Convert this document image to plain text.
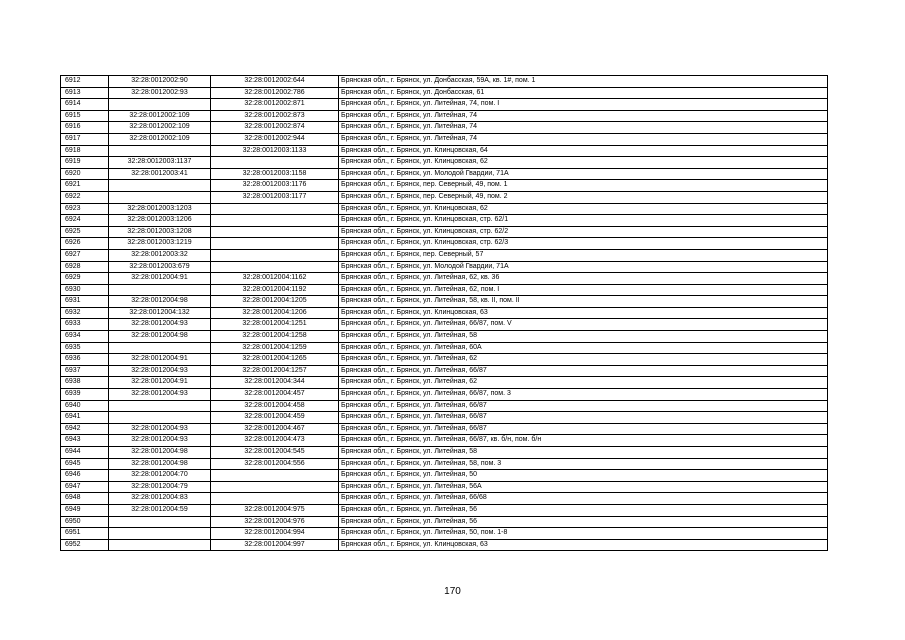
6912	32:28:0012002:90	32:28:0012002:644	Брянская обл., г. Брянск, ул. Донбасская, 59А, кв. 1#, пом. 1
6913	32:28:0012002:93	32:28:0012002:786	Брянская обл., г. Брянск, ул. Донбасская, 61
6914		32:28:0012002:871	Брянская обл., г. Брянск, ул. Литейная, 74, пом. I
6915	32:28:0012002:109	32:28:0012002:873	Брянская обл., г. Брянск, ул. Литейная, 74
6916	32:28:0012002:109	32:28:0012002:874	Брянская обл., г. Брянск, ул. Литейная, 74
6917	32:28:0012002:109	32:28:0012002:944	Брянская обл., г. Брянск, ул. Литейная, 74
6918		32:28:0012003:1133	Брянская обл., г. Брянск, ул. Клинцовская, 64
6919	32:28:0012003:1137		Брянская обл., г. Брянск, ул. Клинцовская, 62
6920	32:28:0012003:41	32:28:0012003:1158	Брянская обл., г. Брянск, ул. Молодой Гвардии, 71А
6921		32:28:0012003:1176	Брянская обл., г. Брянск, пер. Северный, 49, пом. 1
6922		32:28:0012003:1177	Брянская обл., г. Брянск, пер. Северный, 49, пом. 2
6923	32:28:0012003:1203		Брянская обл., г. Брянск, ул. Клинцовская, 62
6924	32:28:0012003:1206		Брянская обл., г. Брянск, ул. Клинцовская, стр. 62/1
6925	32:28:0012003:1208		Брянская обл., г. Брянск, ул. Клинцовская, стр. 62/2
6926	32:28:0012003:1219		Брянская обл., г. Брянск, ул. Клинцовская, стр. 62/3
6927	32:28:0012003:32		Брянская обл., г. Брянск, пер. Северный, 57
6928	32:28:0012003:679		Брянская обл., г. Брянск, ул. Молодой Гвардии, 71А
6929	32:28:0012004:91	32:28:0012004:1162	Брянская обл., г. Брянск, ул. Литейная, 62, кв. 36
6930		32:28:0012004:1192	Брянская обл., г. Брянск, ул. Литейная, 62, пом. I
6931	32:28:0012004:98	32:28:0012004:1205	Брянская обл., г. Брянск, ул. Литейная, 58, кв. II, пом. II
6932	32:28:0012004:132	32:28:0012004:1206	Брянская обл., г. Брянск, ул. Клинцовская, 63
6933	32:28:0012004:93	32:28:0012004:1251	Брянская обл., г. Брянск, ул. Литейная, 66/87, пом. V
6934	32:28:0012004:98	32:28:0012004:1258	Брянская обл., г. Брянск, ул. Литейная, 58
6935		32:28:0012004:1259	Брянская обл., г. Брянск, ул. Литейная, 60А
6936	32:28:0012004:91	32:28:0012004:1265	Брянская обл., г. Брянск, ул. Литейная, 62
6937	32:28:0012004:93	32:28:0012004:1257	Брянская обл., г. Брянск, ул. Литейная, 66/87
6938	32:28:0012004:91	32:28:0012004:344	Брянская обл., г. Брянск, ул. Литейная, 62
6939	32:28:0012004:93	32:28:0012004:457	Брянская обл., г. Брянск, ул. Литейная, 66/87, пом. 3
6940		32:28:0012004:458	Брянская обл., г. Брянск, ул. Литейная, 66/87
6941		32:28:0012004:459	Брянская обл., г. Брянск, ул. Литейная, 66/87
6942	32:28:0012004:93	32:28:0012004:467	Брянская обл., г. Брянск, ул. Литейная, 66/87
6943	32:28:0012004:93	32:28:0012004:473	Брянская обл., г. Брянск, ул. Литейная, 66/87, кв. б/н, пом. б/н
6944	32:28:0012004:98	32:28:0012004:545	Брянская обл., г. Брянск, ул. Литейная, 58
6945	32:28:0012004:98	32:28:0012004:556	Брянская обл., г. Брянск, ул. Литейная, 58, пом. 3
6946	32:28:0012004:70		Брянская обл., г. Брянск, ул. Литейная, 50
6947	32:28:0012004:79		Брянская обл., г. Брянск, ул. Литейная, 56А
6948	32:28:0012004:83		Брянская обл., г. Брянск, ул. Литейная, 66/68
6949	32:28:0012004:59	32:28:0012004:975	Брянская обл., г. Брянск, ул. Литейная, 56
6950		32:28:0012004:976	Брянская обл., г. Брянск, ул. Литейная, 56
6951		32:28:0012004:994	Брянская обл., г. Брянск, ул. Литейная, 50, пом. 1-8
6952		32:28:0012004:997	Брянская обл., г. Брянск, ул. Клинцовская, 63
170
